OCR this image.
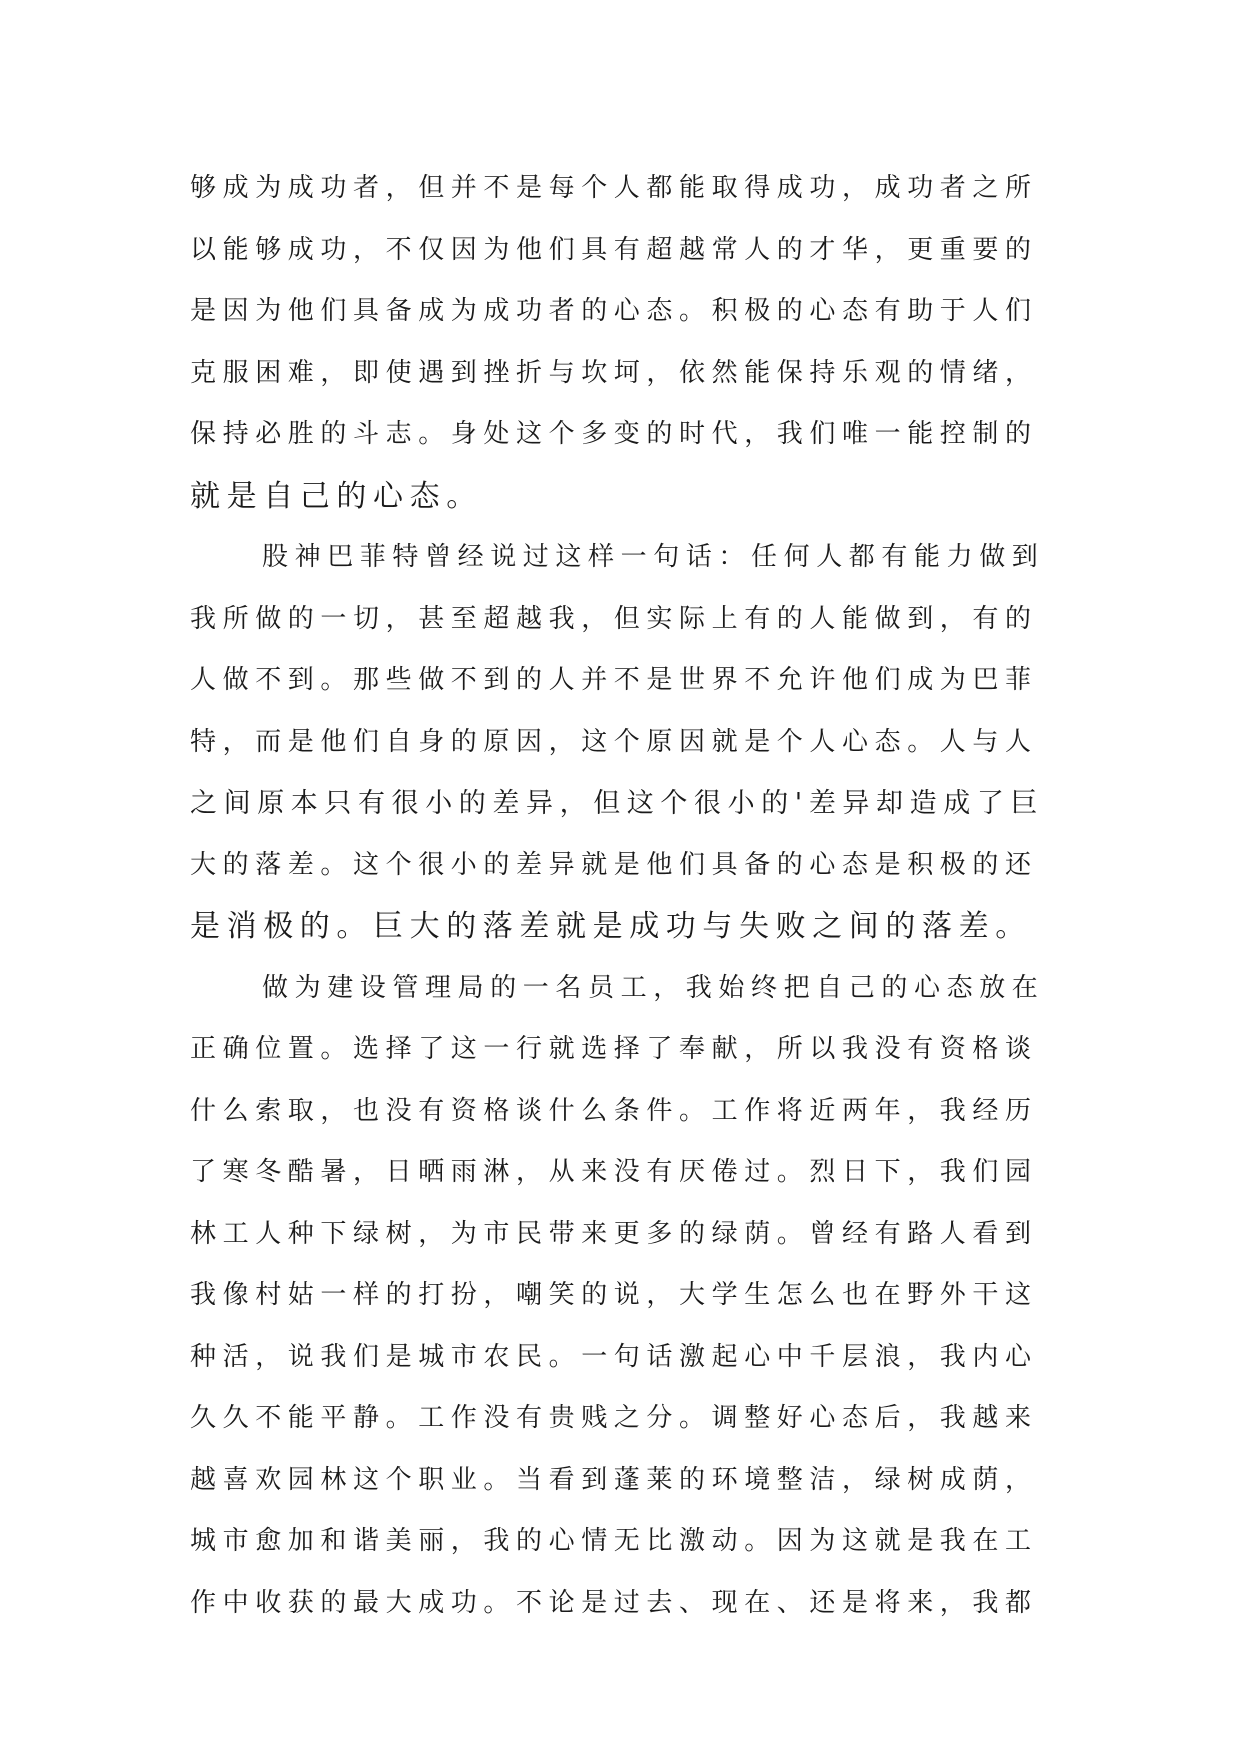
够成为成功者，但并不是每个人都能取得成功，成功者之所
以能够成功，不仅因为他们具有超越常人的才华，更重要的
是因为他们具备成为成功者的心态。积极的心态有助于人们
克服困难，即使遇到挫折与坎坷，依然能保持乐观的情绪，
保持必胜的斗志。身处这个多变的时代，我们唯一能控制的
就是自己的心态。
股神巴菲特曾经说过这样一句话：任何人都有能力做到
我所做的一切，甚至超越我，但实际上有的人能做到，有的
人做不到。那些做不到的人并不是世界不允许他们成为巴菲
特，而是他们自身的原因，这个原因就是个人心态。人与人
之间原本只有很小的差异，但这个很小的'差异却造成了巨
大的落差。这个很小的差异就是他们具备的心态是积极的还
是消极的。巨大的落差就是成功与失败之间的落差。
做为建设管理局的一名员工，我始终把自己的心态放在
正确位置。选择了这一行就选择了奉献，所以我没有资格谈
什么索取，也没有资格谈什么条件。工作将近两年，我经历
了寒冬酷暑，日晒雨淋，从来没有厌倦过。烈日下，我们园
林工人种下绿树，为市民带来更多的绿荫。曾经有路人看到
我像村姑一样的打扮，嘲笑的说，大学生怎么也在野外干这
种活，说我们是城市农民。一句话激起心中千层浪，我内心
久久不能平静。工作没有贵贱之分。调整好心态后，我越来
越喜欢园林这个职业。当看到蓬莱的环境整洁，绿树成荫，
城市愈加和谐美丽，我的心情无比激动。因为这就是我在工
作中收获的最大成功。不论是过去、现在、还是将来，我都
